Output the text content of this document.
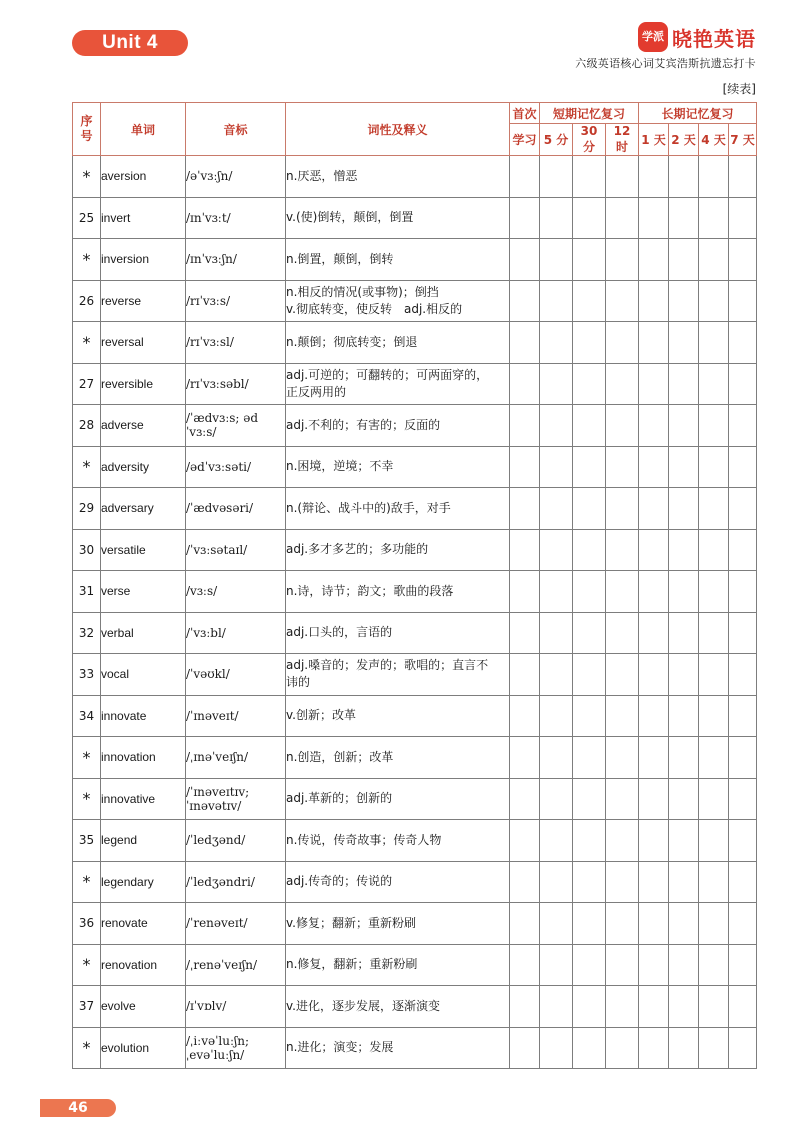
Unit 4	学派 晓艳英语
六级英语核心词艾宾浩斯抗遗忘打卡
[续表]
序号	单词	音标	词性及释义	首次	短期记忆复习			长期记忆复习			
				学习	5 分	30 分	12 时	1 天	2 天	4 天	7 天
*	aversion	/əˈvɜːʃn/	n.厌恶，憎恶								

25	invert	/ɪnˈvɜːt/	v.(使)倒转，颠倒，倒置								

*	inversion	/ɪnˈvɜːʃn/	n.倒置，颠倒，倒转								

26	reverse	/rɪˈvɜːs/	n.相反的情况(或事物)；倒挡
v.彻底转变，使反转　adj.相反的								

*	reversal	/rɪˈvɜːsl/	n.颠倒；彻底转变；倒退								

27	reversible	/rɪˈvɜːsəbl/	adj.可逆的；可翻转的；可两面穿的，
正反两用的								

28	adverse	/ˈædvɜːs; ədˈvɜːs/	adj.不利的；有害的；反面的								

*	adversity	/ədˈvɜːsəti/	n.困境，逆境；不幸								

29	adversary	/ˈædvəsəri/	n.(辩论、战斗中的)敌手，对手								

30	versatile	/ˈvɜːsətaɪl/	adj.多才多艺的；多功能的								

31	verse	/vɜːs/	n.诗，诗节；韵文；歌曲的段落								

32	verbal	/ˈvɜːbl/	adj.口头的，言语的								

33	vocal	/ˈvəʊkl/	adj.嗓音的；发声的；歌唱的；直言不
讳的								

34	innovate	/ˈɪnəveɪt/	v.创新；改革								

*	innovation	/ˌɪnəˈveɪʃn/	n.创造，创新；改革								

*	innovative	/ˈɪnəveɪtɪv;
ˈɪnəvətɪv/	adj.革新的；创新的								

35	legend	/ˈledʒənd/	n.传说，传奇故事；传奇人物								

*	legendary	/ˈledʒəndri/	adj.传奇的；传说的								

36	renovate	/ˈrenəveɪt/	v.修复；翻新；重新粉刷								

*	renovation	/ˌrenəˈveɪʃn/	n.修复，翻新；重新粉刷								

37	evolve	/ɪˈvɒlv/	v.进化，逐步发展，逐渐演变								

*	evolution	/ˌiːvəˈluːʃn;
ˌevəˈluːʃn/	n.进化；演变；发展								

46
